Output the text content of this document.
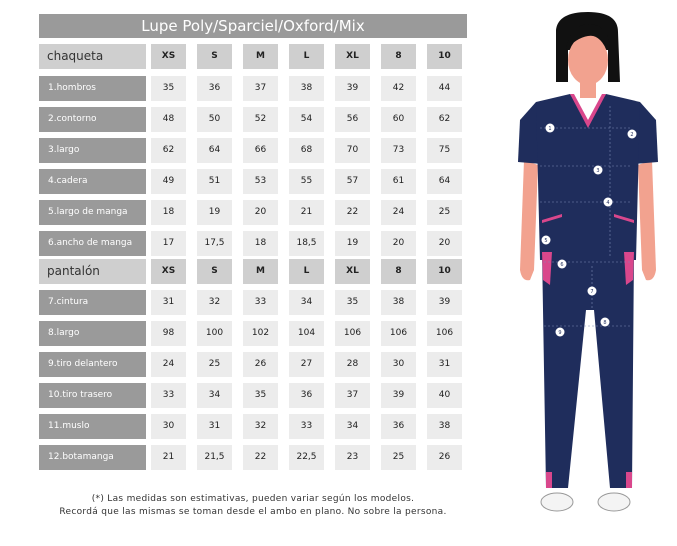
Lupe Poly/Sparciel/Oxford/Mix
chaqueta	XS	S	M	L	XL	8	10
1.hombros	35	36	37	38	39	42	44
2.contorno	48	50	52	54	56	60	62
3.largo	62	64	66	68	70	73	75
4.cadera	49	51	53	55	57	61	64
5.largo de manga	18	19	20	21	22	24	25
6.ancho de manga	17	17,5	18	18,5	19	20	20
pantalón	XS	S	M	L	XL	8	10
7.cintura	31	32	33	34	35	38	39
8.largo	98	100	102	104	106	106	106
9.tiro delantero	24	25	26	27	28	30	31
10.tiro trasero	33	34	35	36	37	39	40
11.muslo	30	31	32	33	34	36	38
12.botamanga	21	21,5	22	22,5	23	25	26
(*) Las medidas son estimativas, pueden variar según los modelos.
Recordá que las mismas se toman desde el ambo en plano. No sobre la persona.
1
2
3
4
5
6
7
8
9
